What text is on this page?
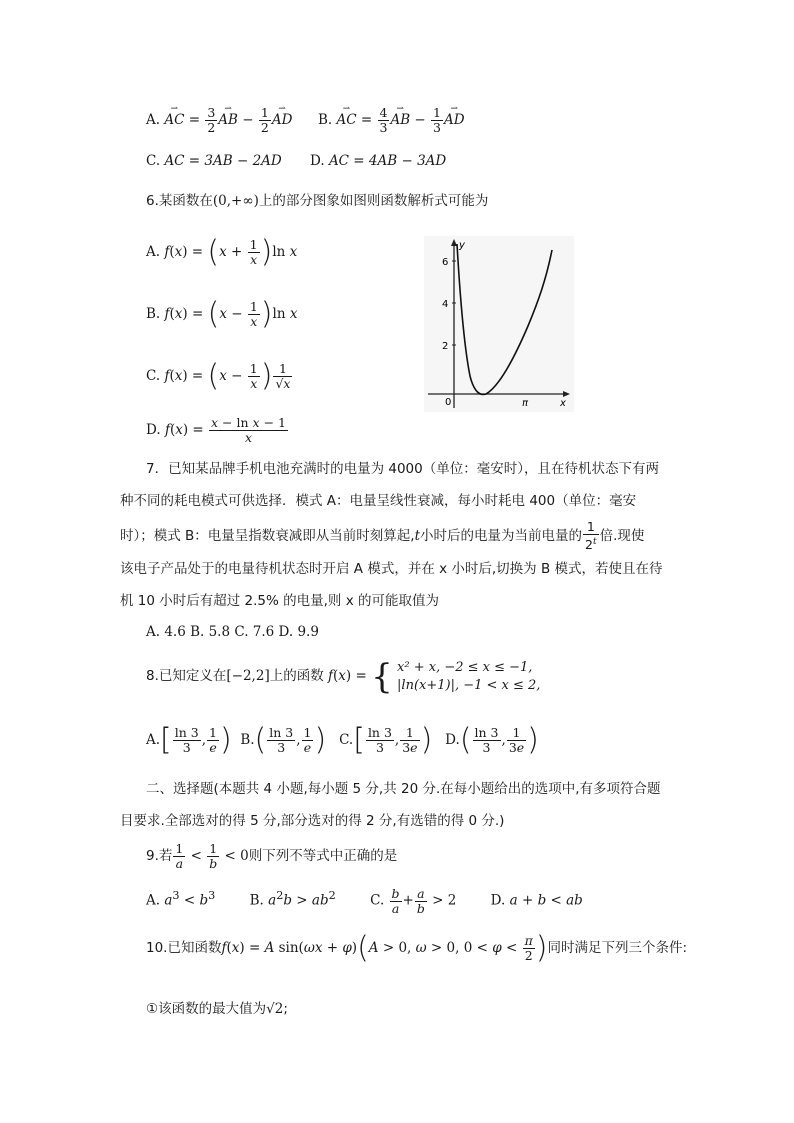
A. ⇀ AC = $\frac{3}{2}$ ⇀ AB − $\frac{1}{2}$ ⇀ AD B. ⇀ AC = $\frac{4}{3}$ ⇀ AB − $\frac{1}{3}$ ⇀ AD
C. AC = 3AB − 2AD D. AC = 4AB − 3AD
6.某函数在(0,+∞)上的部分图象如图则函数解析式可能为
A. $f(x) = (x + \frac{1}{x} )\ln$ x
B. $f(x) = (x - \frac{1}{x} )\ln$ x
C. $f(x) = (x - \frac{1}{x}$ ) $\frac{1}{√x}$
D. $f(x) = \frac{\text{x − ln x − 1}}{x}$
y
x
0
6
4
2
π
7．已知某品牌手机电池充满时的电量为 4000（单位：毫安时），且在待机状态下有两
种不同的耗电模式可供选择．模式 A：电量呈线性衰减，每小时耗电 400（单位：毫安
时）；模式 B：电量呈指数衰减即从当前时刻算起,t小时后的电量为当前电量的 $\frac{1}{2^t}$ 倍.现使
该电子产品处于的电量待机状态时开启 A 模式，并在 x 小时后,切换为 B 模式，若使且在待
机 10 小时后有超过 2.5% 的电量,则 x 的可能取值为
A. 4.6 B. 5.8 C. 7.6 D. 9.9
8.已知定义在[−2,2]上的函数 f(x) = { x² + x, −2 ≤ x ≤ −1,
|ln(x+1)|, −1 < x ≤ 2,
$A.[ \frac{\ln 3}{3}$ , $\frac{1}{e}$ ) $B.( \frac{\ln 3}{3}$ , $\frac{1}{e}$ ) $C.[ \frac{\ln 3}{3}$ , $\frac{1}{3e}$ ) $D.( \frac{\ln 3}{3}$ , $\frac{1}{3e}$ )
二、选择题(本题共 4 小题,每小题 5 分,共 20 分.在每小题给出的选项中,有多项符合题
目要求.全部选对的得 5 分,部分选对的得 2 分,有选错的得 0 分.)
9.若 $\frac{1}{a} < \frac{1}{b} < 0$则下列不等式中正确的是
A. $a^3 < b^3$	B. $a^2b > ab^2$	C. $\frac{b}{a} + \frac{a}{b} > 2$ D. a + b < ab
10.已知函数f(x) = A sin(ωx + φ)(A > 0, ω > 0, $0 < \varphi < \frac{\pi}{2}$ )同时满足下列三个条件:
①该函数的最大值为√2;
